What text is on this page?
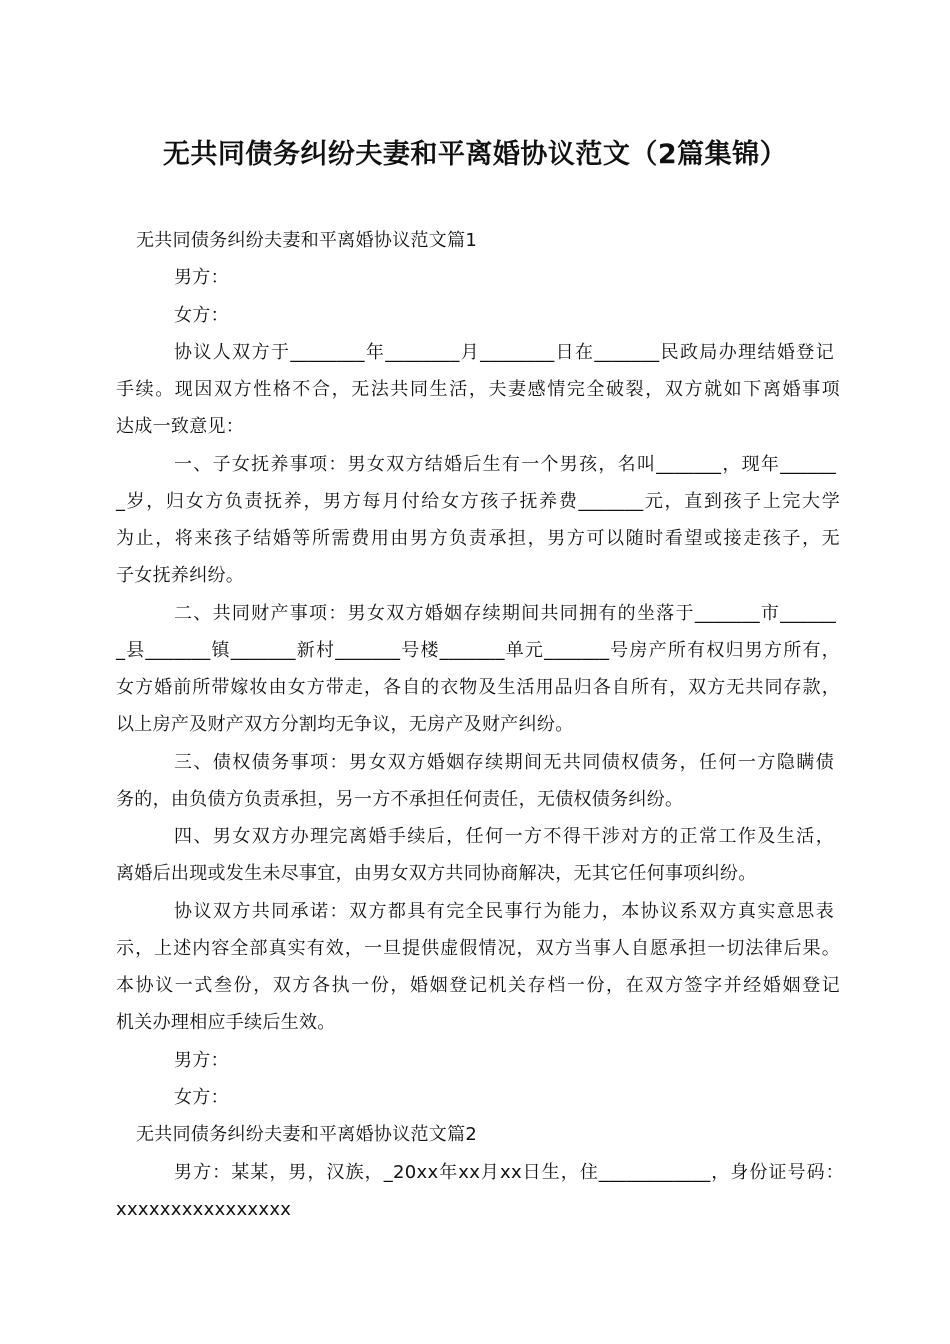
无共同债务纠纷夫妻和平离婚协议范文（2篇集锦）
无共同债务纠纷夫妻和平离婚协议范文篇1
男方：
女方：
协议人双方于________年________月________日在_______民政局办理结婚登记
手续。现因双方性格不合，无法共同生活，夫妻感情完全破裂，双方就如下离婚事项
达成一致意见：
一、子女抚养事项：男女双方结婚后生有一个男孩，名叫_______，现年______
_岁，归女方负责抚养，男方每月付给女方孩子抚养费_______元，直到孩子上完大学
为止，将来孩子结婚等所需费用由男方负责承担，男方可以随时看望或接走孩子，无
子女抚养纠纷。
二、共同财产事项：男女双方婚姻存续期间共同拥有的坐落于_______市______
_县_______镇_______新村_______号楼_______单元_______号房产所有权归男方所有，
女方婚前所带嫁妆由女方带走，各自的衣物及生活用品归各自所有，双方无共同存款，
以上房产及财产双方分割均无争议，无房产及财产纠纷。
三、债权债务事项：男女双方婚姻存续期间无共同债权债务，任何一方隐瞒债
务的，由负债方负责承担，另一方不承担任何责任，无债权债务纠纷。
四、男女双方办理完离婚手续后，任何一方不得干涉对方的正常工作及生活，
离婚后出现或发生未尽事宜，由男女双方共同协商解决，无其它任何事项纠纷。
协议双方共同承诺：双方都具有完全民事行为能力，本协议系双方真实意思表
示，上述内容全部真实有效，一旦提供虚假情况，双方当事人自愿承担一切法律后果。
本协议一式叁份，双方各执一份，婚姻登记机关存档一份，在双方签字并经婚姻登记
机关办理相应手续后生效。
男方：
女方：
无共同债务纠纷夫妻和平离婚协议范文篇2
男方：某某，男，汉族，_20xx年xx月xx日生，住____________，身份证号码：
xxxxxxxxxxxxxxxx
